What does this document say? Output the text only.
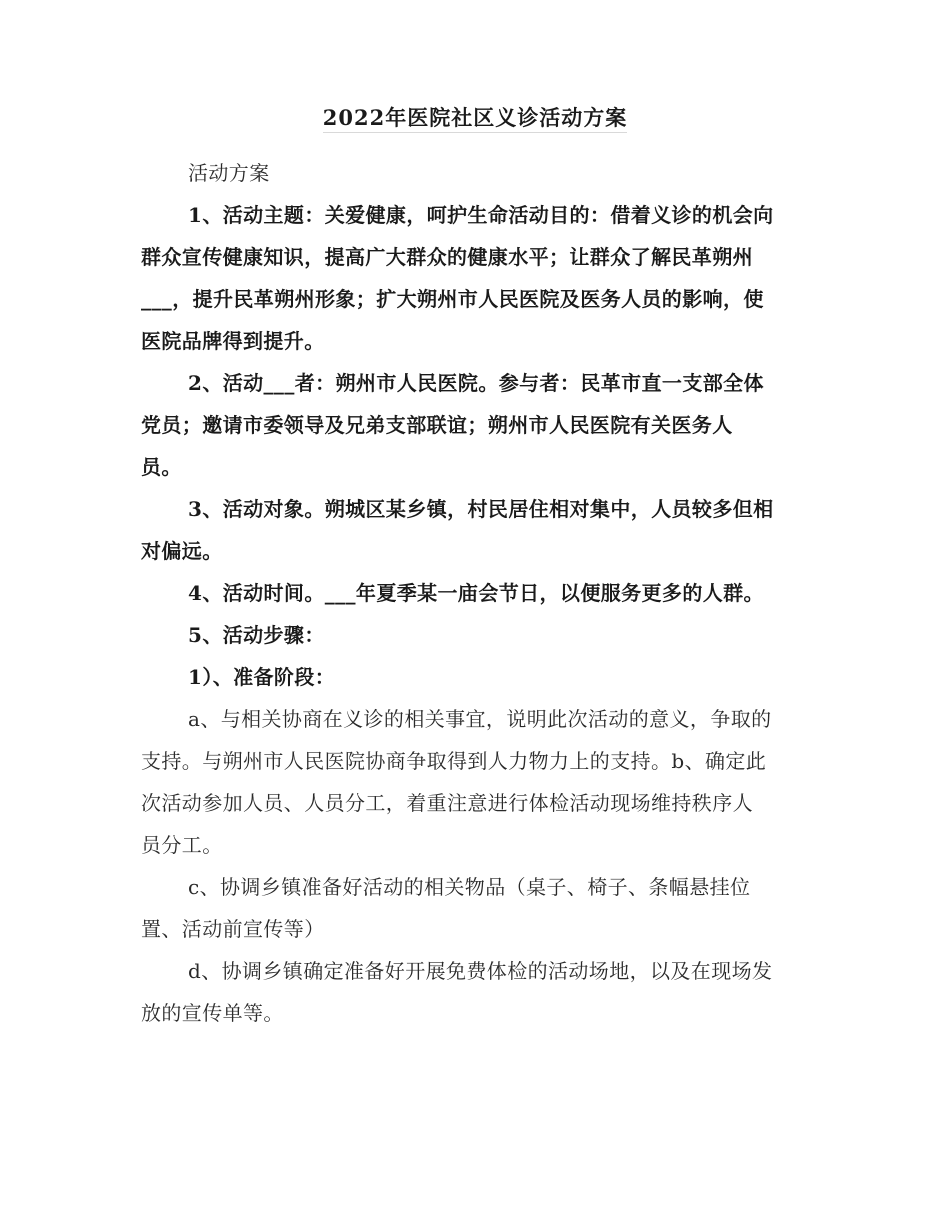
2022年医院社区义诊活动方案
活动方案
1、活动主题：关爱健康，呵护生命活动目的：借着义诊的机会向
群众宣传健康知识，提高广大群众的健康水平；让群众了解民革朔州
___，提升民革朔州形象；扩大朔州市人民医院及医务人员的影响，使
医院品牌得到提升。
2、活动___者：朔州市人民医院。参与者：民革市直一支部全体
党员；邀请市委领导及兄弟支部联谊；朔州市人民医院有关医务人
员。
3、活动对象。朔城区某乡镇，村民居住相对集中，人员较多但相
对偏远。
4、活动时间。___年夏季某一庙会节日，以便服务更多的人群。
5、活动步骤：
1）、准备阶段：
a、与相关协商在义诊的相关事宜，说明此次活动的意义，争取的
支持。与朔州市人民医院协商争取得到人力物力上的支持。b、确定此
次活动参加人员、人员分工，着重注意进行体检活动现场维持秩序人
员分工。
c、协调乡镇准备好活动的相关物品（桌子、椅子、条幅悬挂位
置、活动前宣传等）
d、协调乡镇确定准备好开展免费体检的活动场地，以及在现场发
放的宣传单等。
